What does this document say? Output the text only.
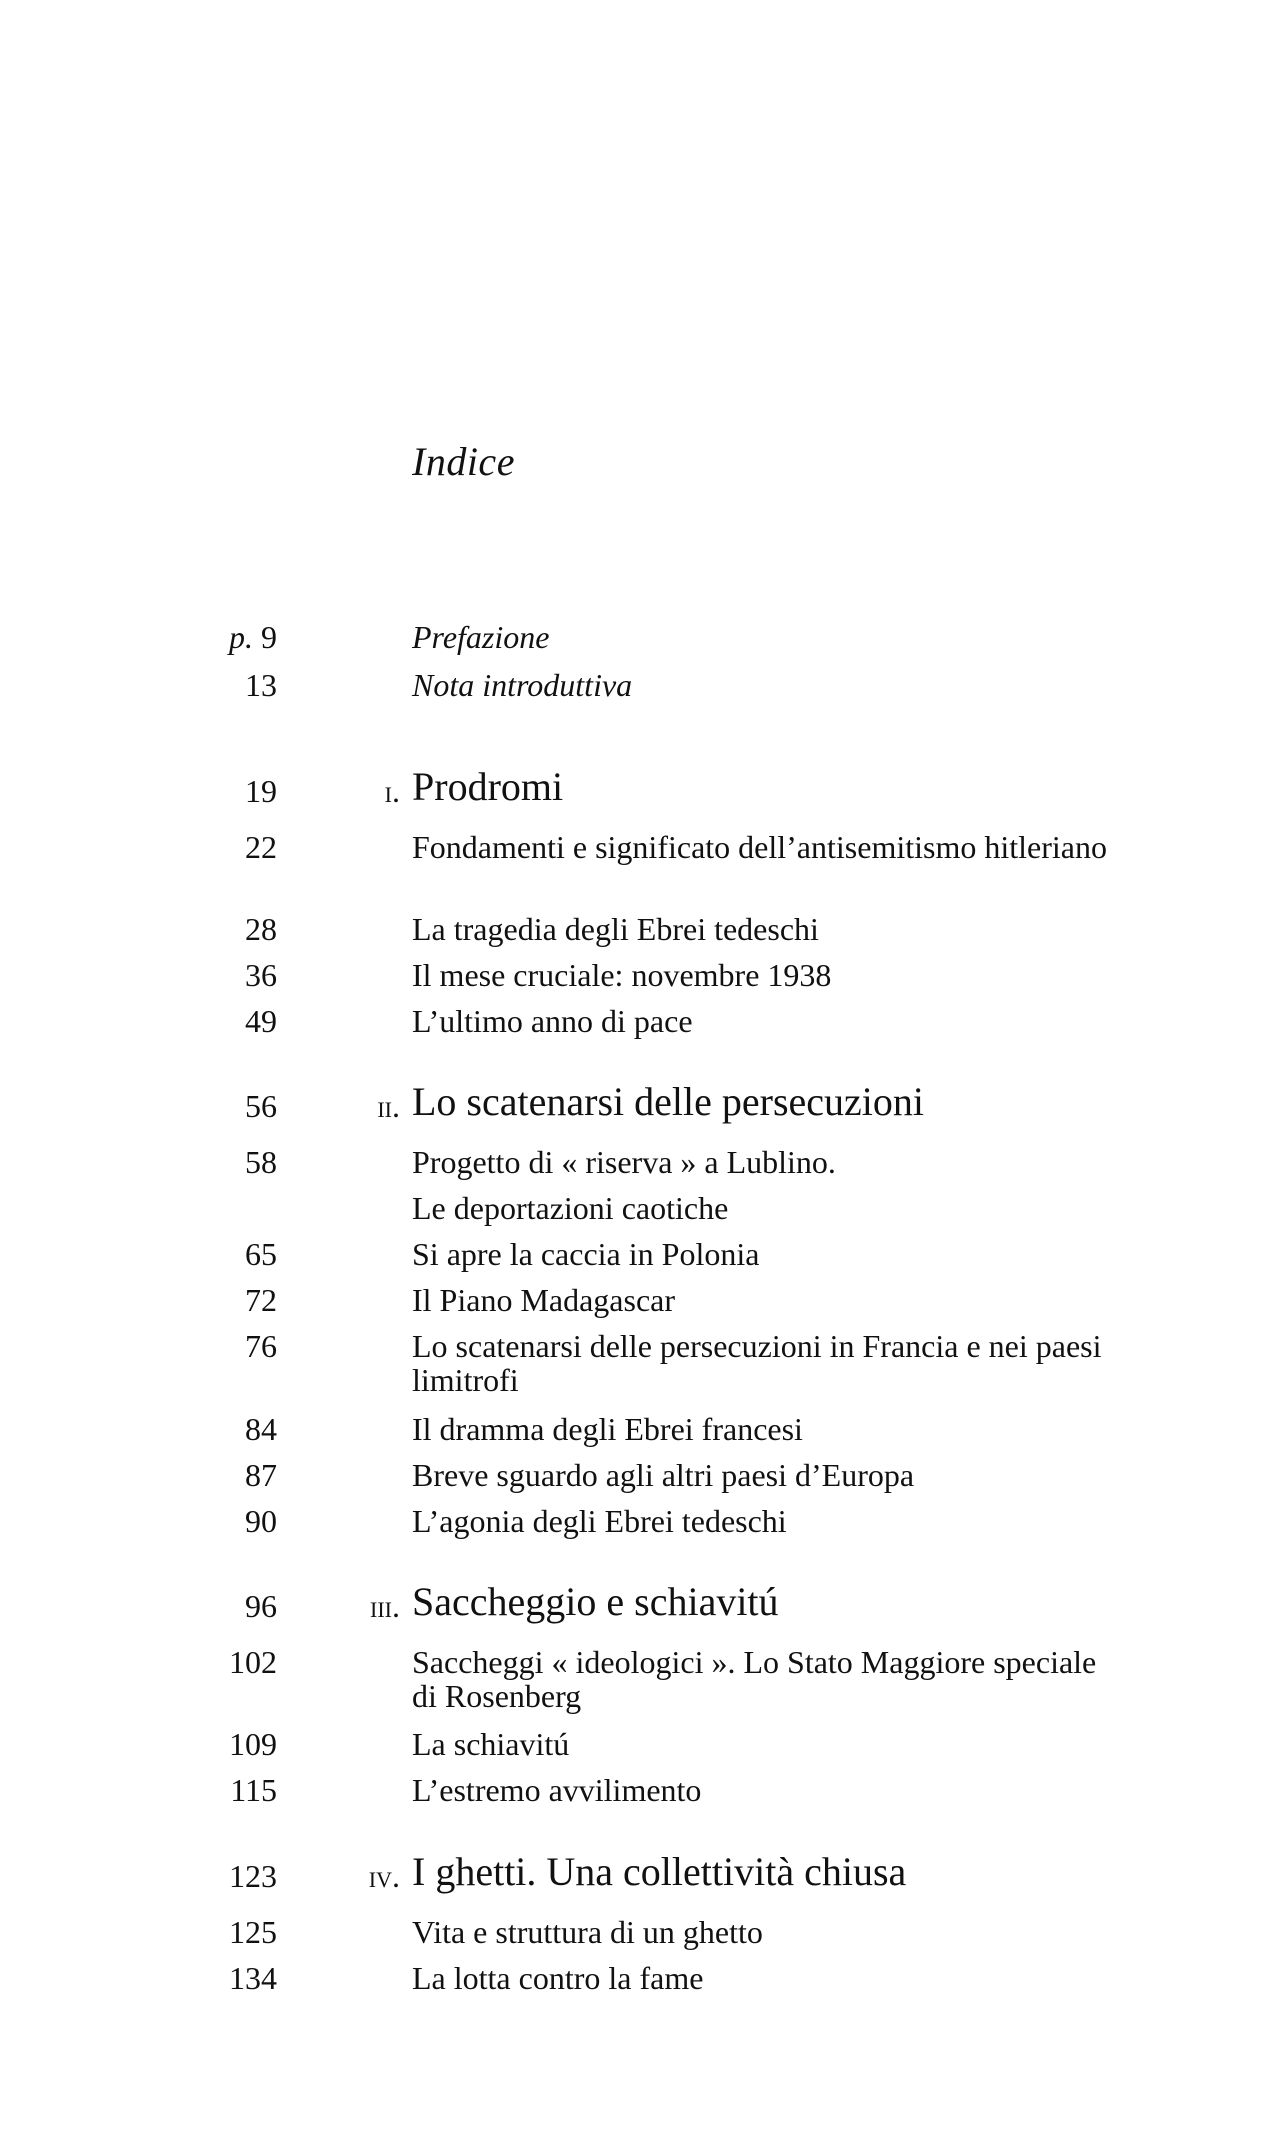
Indice
p. 9	Prefazione
13	Nota introduttiva
19	i. Prodromi
22	Fondamenti e significato dell’antisemitismo hitleriano
28	La tragedia degli Ebrei tedeschi
36	Il mese cruciale: novembre 1938
49	L’ultimo anno di pace
56	ii. Lo scatenarsi delle persecuzioni
58	Progetto di « riserva » a Lublino.
Le deportazioni caotiche
65	Si apre la caccia in Polonia
72	Il Piano Madagascar
76	Lo scatenarsi delle persecuzioni in Francia e nei paesi limitrofi
84	Il dramma degli Ebrei francesi
87	Breve sguardo agli altri paesi d’Europa
90	L’agonia degli Ebrei tedeschi
96	iii. Saccheggio e schiavitú
102	Saccheggi « ideologici ». Lo Stato Maggiore speciale di Rosenberg
109	La schiavitú
115	L’estremo avvilimento
123	iv. I ghetti. Una collettività chiusa
125	Vita e struttura di un ghetto
134	La lotta contro la fame
